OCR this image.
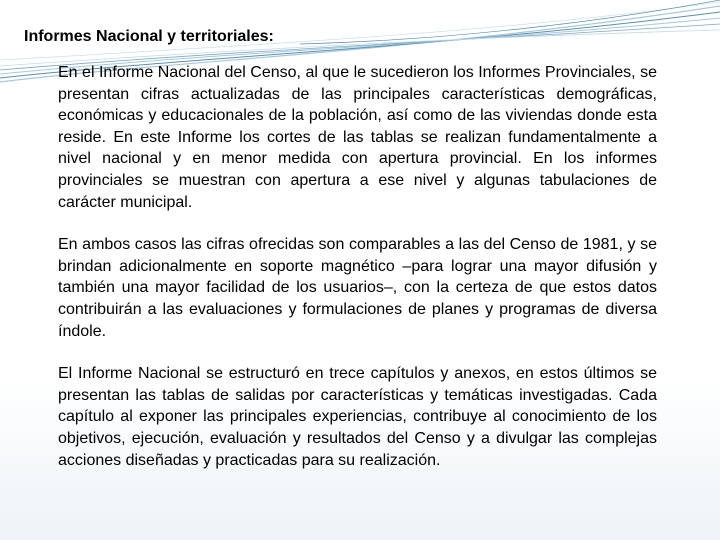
Informes Nacional y territoriales:

En el Informe Nacional del Censo, al que le sucedieron los Informes Provinciales, se presentan cifras actualizadas de las principales características demográficas, económicas y educacionales de la población, así como de las viviendas donde esta reside. En este Informe los cortes de las tablas se realizan fundamentalmente a nivel nacional y en menor medida con apertura provincial. En los informes provinciales se muestran con apertura a ese nivel y algunas tabulaciones de carácter municipal.

En ambos casos las cifras ofrecidas son comparables a las del Censo de 1981, y se brindan adicionalmente en soporte magnético –para lograr una mayor difusión y también una mayor facilidad de los usuarios–, con la certeza de que estos datos contribuirán a las evaluaciones y formulaciones de planes y programas de diversa índole.

El Informe Nacional se estructuró en trece capítulos y anexos, en estos últimos se presentan las tablas de salidas por características y temáticas investigadas. Cada capítulo al exponer las principales experiencias, contribuye al conocimiento de los objetivos, ejecución, evaluación y resultados del Censo y a divulgar las complejas acciones diseñadas y practicadas para su realización.
